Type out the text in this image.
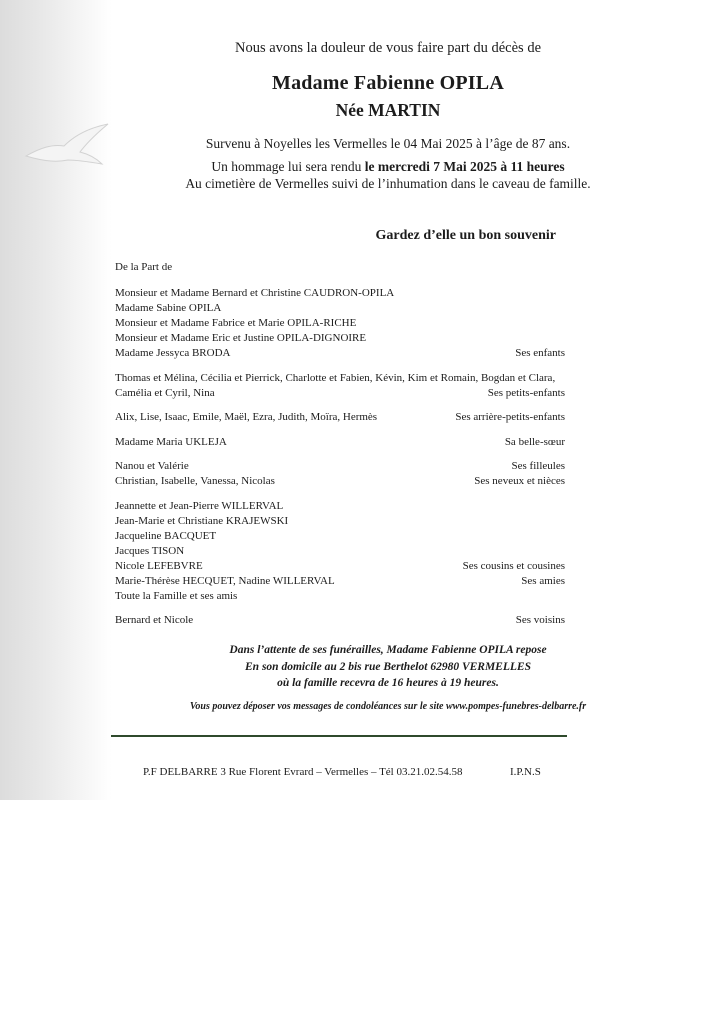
Nous avons la douleur de vous faire part du décès de
Madame Fabienne OPILA
Née MARTIN
Survenu à Noyelles les Vermelles le 04 Mai 2025 à l’âge de 87 ans.
Un hommage lui sera rendu le mercredi 7 Mai 2025 à 11 heures
Au cimetière de Vermelles suivi de l’inhumation dans le caveau de famille.
Gardez d’elle un bon souvenir
De la Part de
Monsieur et Madame Bernard et Christine CAUDRON-OPILA
Madame Sabine OPILA
Monsieur et Madame Fabrice et Marie OPILA-RICHE
Monsieur et Madame Eric et Justine OPILA-DIGNOIRE
Madame Jessyca BRODA	Ses enfants
Thomas et Mélina, Cécilia et Pierrick, Charlotte et Fabien, Kévin, Kim et Romain, Bogdan et Clara,
Camélia et Cyril, Nina	Ses petits-enfants
Alix, Lise, Isaac, Emile, Maël, Ezra, Judith, Moïra, Hermès	Ses arrière-petits-enfants
Madame Maria UKLEJA	Sa belle-sœur
Nanou et Valérie	Ses filleules
Christian, Isabelle, Vanessa, Nicolas	Ses neveux et nièces
Jeannette et Jean-Pierre WILLERVAL
Jean-Marie et Christiane KRAJEWSKI
Jacqueline BACQUET
Jacques TISON
Nicole LEFEBVRE	Ses cousins et cousines
Marie-Thérèse HECQUET, Nadine WILLERVAL	Ses amies
Toute la Famille et ses amis
Bernard et Nicole	Ses voisins
Dans l’attente de ses funérailles, Madame Fabienne OPILA repose
En son domicile au 2 bis rue Berthelot 62980 VERMELLES
où la famille recevra de 16 heures à 19 heures.
Vous pouvez déposer vos messages de condoléances sur le site www.pompes-funebres-delbarre.fr
P.F DELBARRE 3 Rue Florent Evrard – Vermelles – Tél 03.21.02.54.58	I.P.N.S
